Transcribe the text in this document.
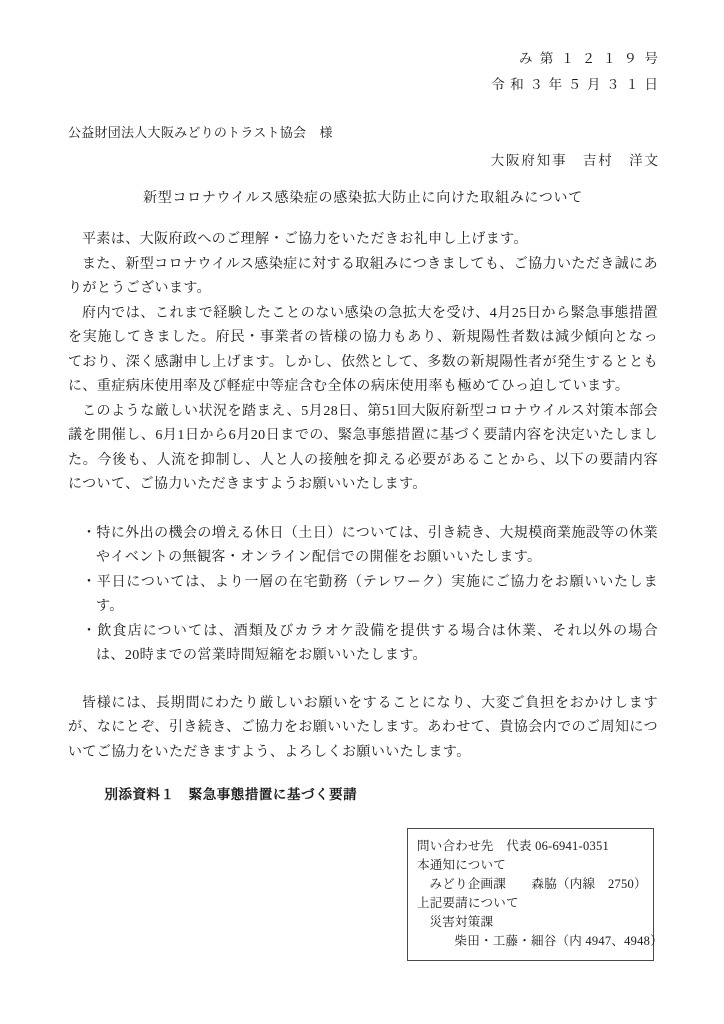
み第１２１９号
令和３年５月３１日
公益財団法人大阪みどりのトラスト協会　様
大阪府知事　吉村　洋文
新型コロナウイルス感染症の感染拡大防止に向けた取組みについて

平素は、大阪府政へのご理解・ご協力をいただきお礼申し上げます。

また、新型コロナウイルス感染症に対する取組みにつきましても、ご協力いただき誠にありがとうございます。

府内では、これまで経験したことのない感染の急拡大を受け、4月25日から緊急事態措置を実施してきました。府民・事業者の皆様の協力もあり、新規陽性者数は減少傾向となっており、深く感謝申し上げます。しかし、依然として、多数の新規陽性者が発生するとともに、重症病床使用率及び軽症中等症含む全体の病床使用率も極めてひっ迫しています。

このような厳しい状況を踏まえ、5月28日、第51回大阪府新型コロナウイルス対策本部会議を開催し、6月1日から6月20日までの、緊急事態措置に基づく要請内容を決定いたしました。今後も、人流を抑制し、人と人の接触を抑える必要があることから、以下の要請内容について、ご協力いただきますようお願いいたします。

・特に外出の機会の増える休日（土日）については、引き続き、大規模商業施設等の休業やイベントの無観客・オンライン配信での開催をお願いいたします。

・平日については、より一層の在宅勤務（テレワーク）実施にご協力をお願いいたします。

・飲食店については、酒類及びカラオケ設備を提供する場合は休業、それ以外の場合は、20時までの営業時間短縮をお願いいたします。

皆様には、長期間にわたり厳しいお願いをすることになり、大変ご負担をおかけしますが、なにとぞ、引き続き、ご協力をお願いいたします。あわせて、貴協会内でのご周知についてご協力をいただきますよう、よろしくお願いいたします。

別添資料１　緊急事態措置に基づく要請
問い合わせ先　代表 06-6941-0351
本通知について
みどり企画課　　森脇（内線　2750）
上記要請について
災害対策課
柴田・工藤・細谷（内 4947、4948）
